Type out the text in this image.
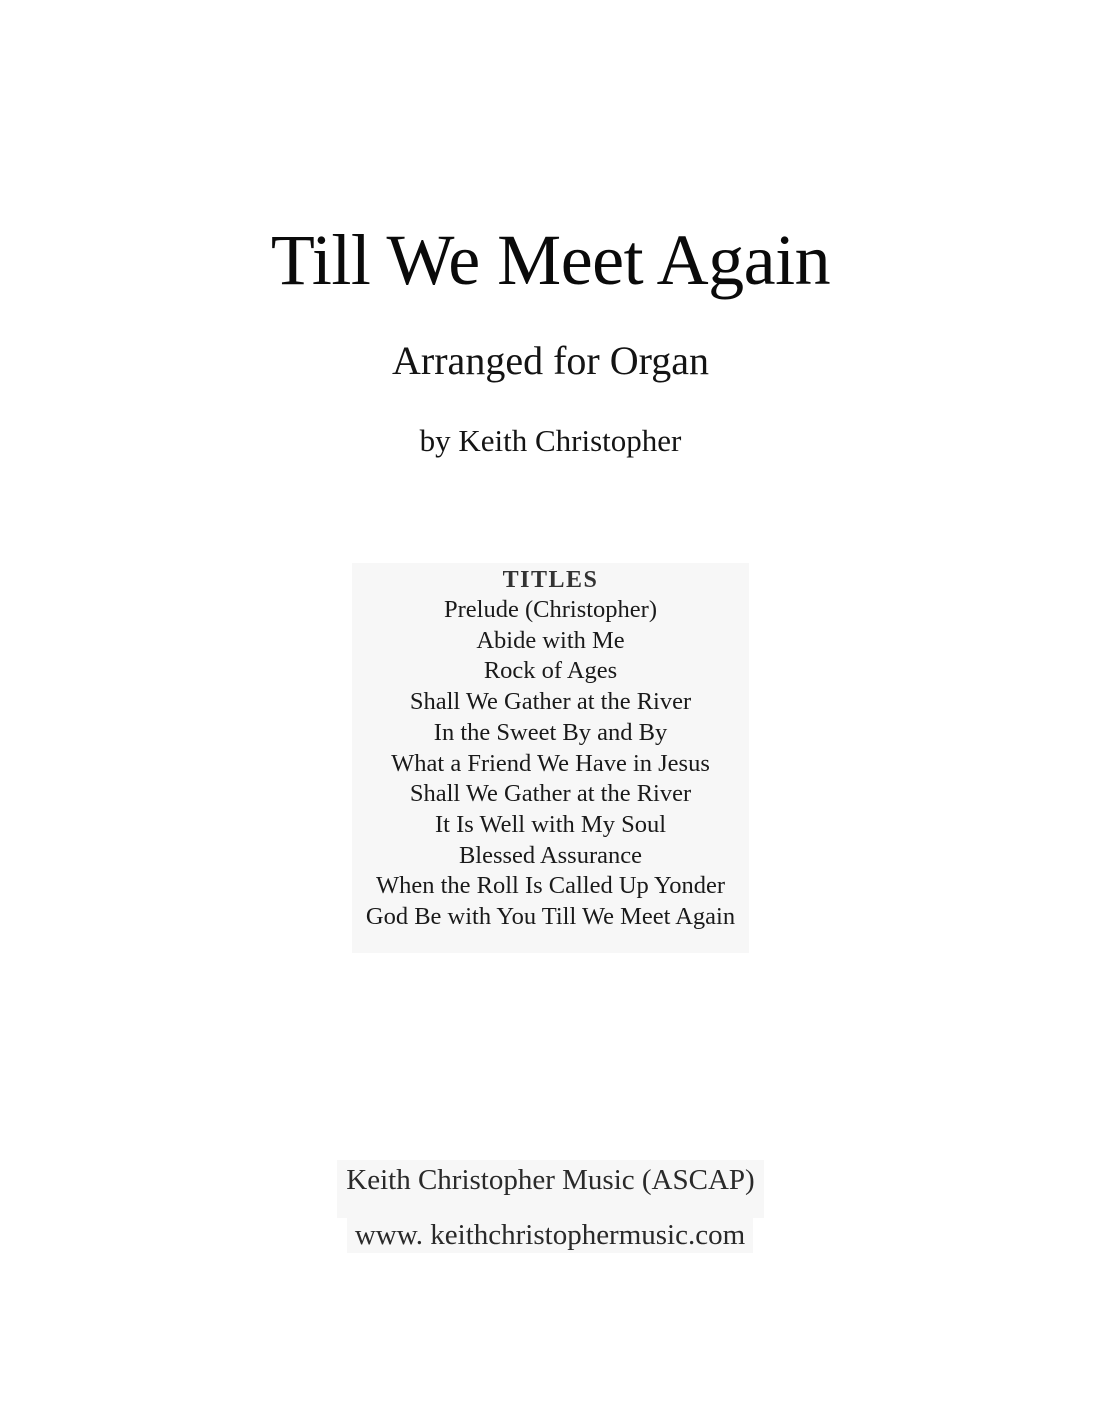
Till We Meet Again
Arranged for Organ
by Keith Christopher
TITLES
Prelude (Christopher)
Abide with Me
Rock of Ages
Shall We Gather at the River
In the Sweet By and By
What a Friend We Have in Jesus
Shall We Gather at the River
It Is Well with My Soul
Blessed Assurance
When the Roll Is Called Up Yonder
God Be with You Till We Meet Again
Keith Christopher Music (ASCAP)
www. keithchristophermusic.com
